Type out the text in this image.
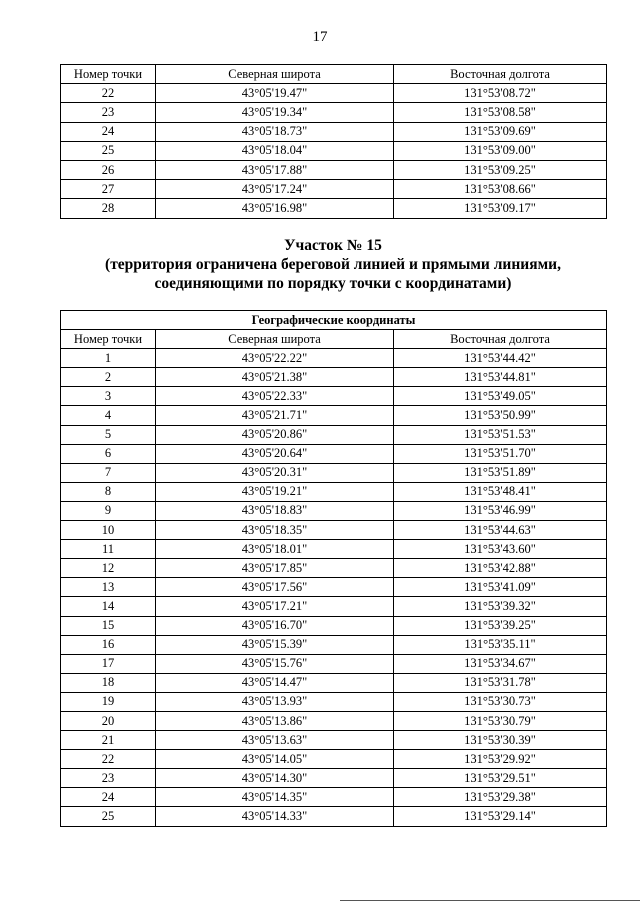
17
Номер точки	Северная широта	Восточная долгота
22	43°05'19.47"	131°53'08.72"
23	43°05'19.34"	131°53'08.58"
24	43°05'18.73"	131°53'09.69"
25	43°05'18.04"	131°53'09.00"
26	43°05'17.88"	131°53'09.25"
27	43°05'17.24"	131°53'08.66"
28	43°05'16.98"	131°53'09.17"
Участок № 15
(территория ограничена береговой линией и прямыми линиями,
соединяющими по порядку точки с координатами)
Географические координаты		
Номер точки	Северная широта	Восточная долгота
1	43°05'22.22"	131°53'44.42"
2	43°05'21.38"	131°53'44.81"
3	43°05'22.33"	131°53'49.05"
4	43°05'21.71"	131°53'50.99"
5	43°05'20.86"	131°53'51.53"
6	43°05'20.64"	131°53'51.70"
7	43°05'20.31"	131°53'51.89"
8	43°05'19.21"	131°53'48.41"
9	43°05'18.83"	131°53'46.99"
10	43°05'18.35"	131°53'44.63"
11	43°05'18.01"	131°53'43.60"
12	43°05'17.85"	131°53'42.88"
13	43°05'17.56"	131°53'41.09"
14	43°05'17.21"	131°53'39.32"
15	43°05'16.70"	131°53'39.25"
16	43°05'15.39"	131°53'35.11"
17	43°05'15.76"	131°53'34.67"
18	43°05'14.47"	131°53'31.78"
19	43°05'13.93"	131°53'30.73"
20	43°05'13.86"	131°53'30.79"
21	43°05'13.63"	131°53'30.39"
22	43°05'14.05"	131°53'29.92"
23	43°05'14.30"	131°53'29.51"
24	43°05'14.35"	131°53'29.38"
25	43°05'14.33"	131°53'29.14"
